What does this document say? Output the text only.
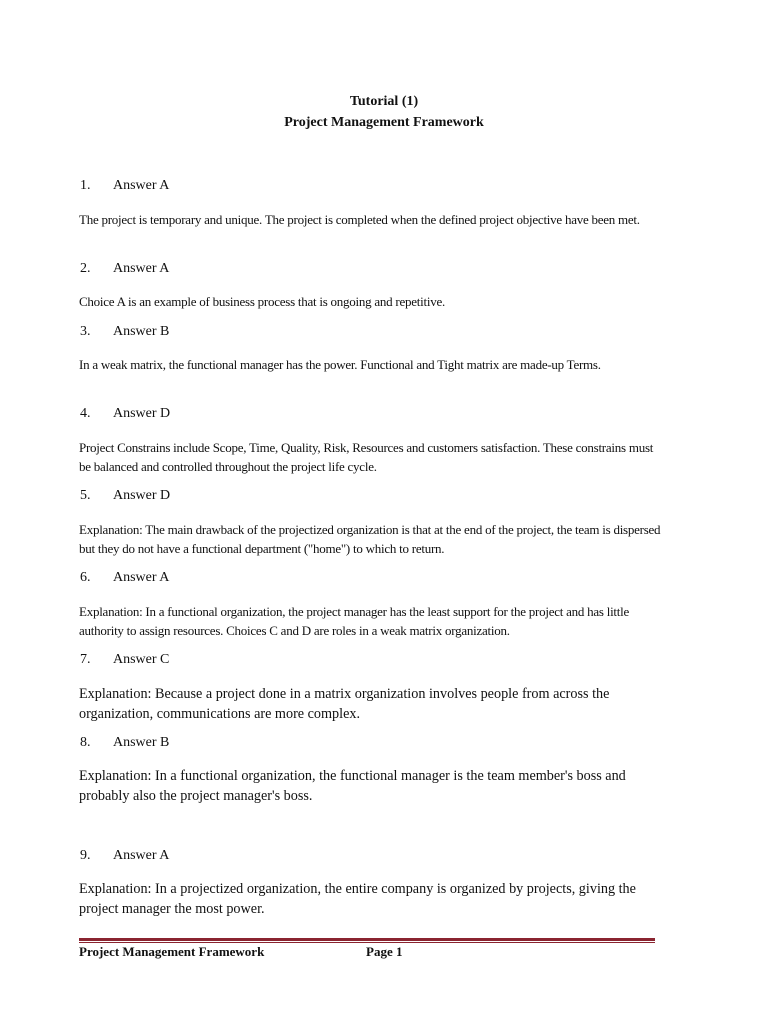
Tutorial (1)
Project Management Framework
1. Answer A
The project is temporary and unique. The project is completed when the defined project objective have been met.
2. Answer A
Choice A is an example of business process that is ongoing and repetitive.
3. Answer B
In a weak matrix, the functional manager has the power. Functional and Tight matrix are made-up Terms.
4. Answer D
Project Constrains include Scope, Time, Quality, Risk, Resources and customers satisfaction. These constrains must be balanced and controlled throughout the project life cycle.
5. Answer D
Explanation: The main drawback of the projectized organization is that at the end of the project, the team is dispersed but they do not have a functional department ("home") to which to return.
6. Answer A
Explanation: In a functional organization, the project manager has the least support for the project and has little authority to assign resources. Choices C and D are roles in a weak matrix organization.
7. Answer C
Explanation: Because a project done in a matrix organization involves people from across the organization, communications are more complex.
8. Answer B
Explanation: In a functional organization, the functional manager is the team member's boss and probably also the project manager's boss.
9. Answer A
Explanation: In a projectized organization, the entire company is organized by projects, giving the project manager the most power.
Project Management Framework	Page 1
